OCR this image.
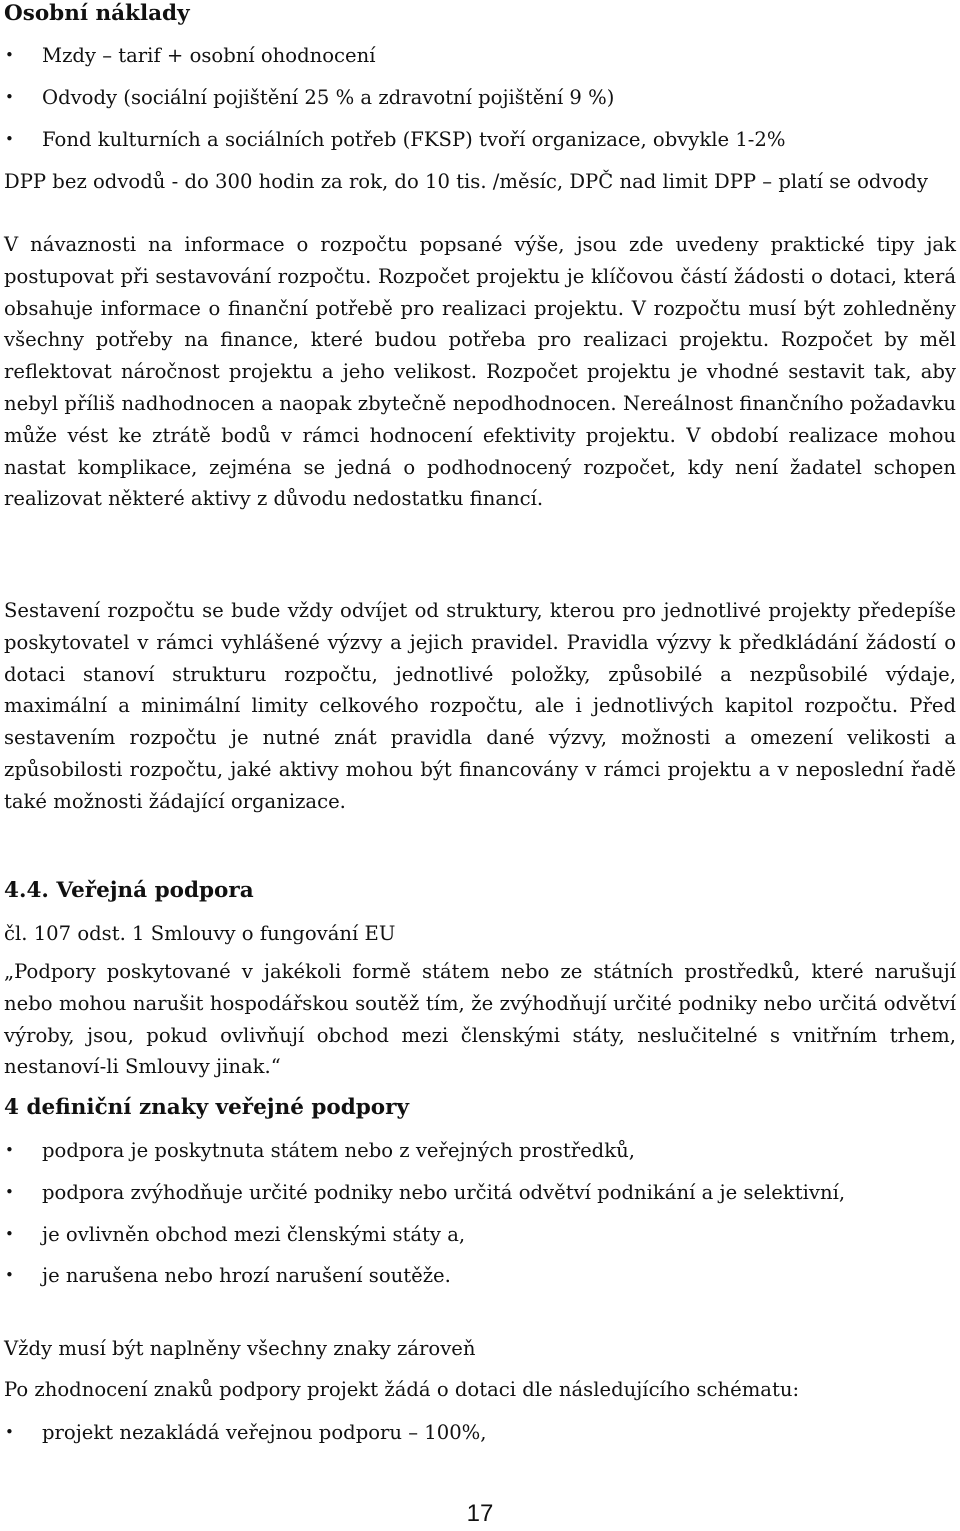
Osobní náklady
• Mzdy – tarif + osobní ohodnocení
• Odvody (sociální pojištění 25 % a zdravotní pojištění 9 %)
• Fond kulturních a sociálních potřeb (FKSP) tvoří organizace, obvykle 1-2%

DPP bez odvodů - do 300 hodin za rok, do 10 tis. /měsíc, DPČ nad limit DPP – platí se odvody

V návaznosti na informace o rozpočtu popsané výše, jsou zde uvedeny praktické tipy jak postupovat při sestavování rozpočtu. Rozpočet projektu je klíčovou částí žádosti o dotaci, která obsahuje informace o finanční potřebě pro realizaci projektu. V rozpočtu musí být zohledněny všechny potřeby na finance, které budou potřeba pro realizaci projektu. Rozpočet by měl reflektovat náročnost projektu a jeho velikost. Rozpočet projektu je vhodné sestavit tak, aby nebyl příliš nadhodnocen a naopak zbytečně nepodhodnocen. Nereálnost finančního požadavku může vést ke ztrátě bodů v rámci hodnocení efektivity projektu. V období realizace mohou nastat komplikace, zejména se jedná o podhodnocený rozpočet, kdy není žadatel schopen realizovat některé aktivy z důvodu nedostatku financí.

Sestavení rozpočtu se bude vždy odvíjet od struktury, kterou pro jednotlivé projekty předepíše poskytovatel v rámci vyhlášené výzvy a jejich pravidel. Pravidla výzvy k předkládání žádostí o dotaci stanoví strukturu rozpočtu, jednotlivé položky, způsobilé a nezpůsobilé výdaje, maximální a minimální limity celkového rozpočtu, ale i jednotlivých kapitol rozpočtu. Před sestavením rozpočtu je nutné znát pravidla dané výzvy, možnosti a omezení velikosti a způsobilosti rozpočtu, jaké aktivy mohou být financovány v rámci projektu a v neposlední řadě také možnosti žádající organizace.

4.4. Veřejná podpora

čl. 107 odst. 1 Smlouvy o fungování EU

„Podpory poskytované v jakékoli formě státem nebo ze státních prostředků, které narušují nebo mohou narušit hospodářskou soutěž tím, že zvýhodňují určité podniky nebo určitá odvětví výroby, jsou, pokud ovlivňují obchod mezi členskými státy, neslučitelné s vnitřním trhem, nestanoví-li Smlouvy jinak.“

4 definiční znaky veřejné podpory
• podpora je poskytnuta státem nebo z veřejných prostředků,
• podpora zvýhodňuje určité podniky nebo určitá odvětví podnikání a je selektivní,
• je ovlivněn obchod mezi členskými státy a,
• je narušena nebo hrozí narušení soutěže.

Vždy musí být naplněny všechny znaky zároveň

Po zhodnocení znaků podpory projekt žádá o dotaci dle následujícího schématu:

• projekt nezakládá veřejnou podporu – 100%,
17
